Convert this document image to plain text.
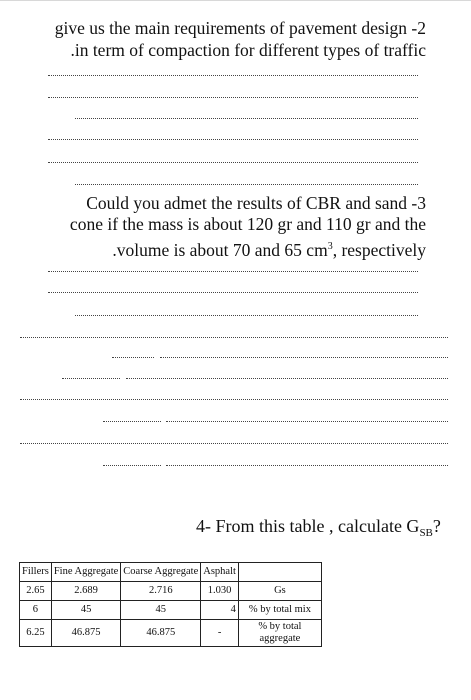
give us the main requirements of pavement design -2
.in term of compaction for different types of traffic
Could you admet the results of CBR and sand -3
cone if the mass is about 120 gr and 110 gr and the
.volume is about 70 and 65 $cm^3$, respectively
4- From this table , calculate $G_{SB}$?
Fillers	Fine Aggregate	Coarse Aggregate	Asphalt	
2.65	2.689	2.716	1.030	Gs
6	45	45	4	% by total mix
6.25	46.875	46.875	-	% by total aggregate
